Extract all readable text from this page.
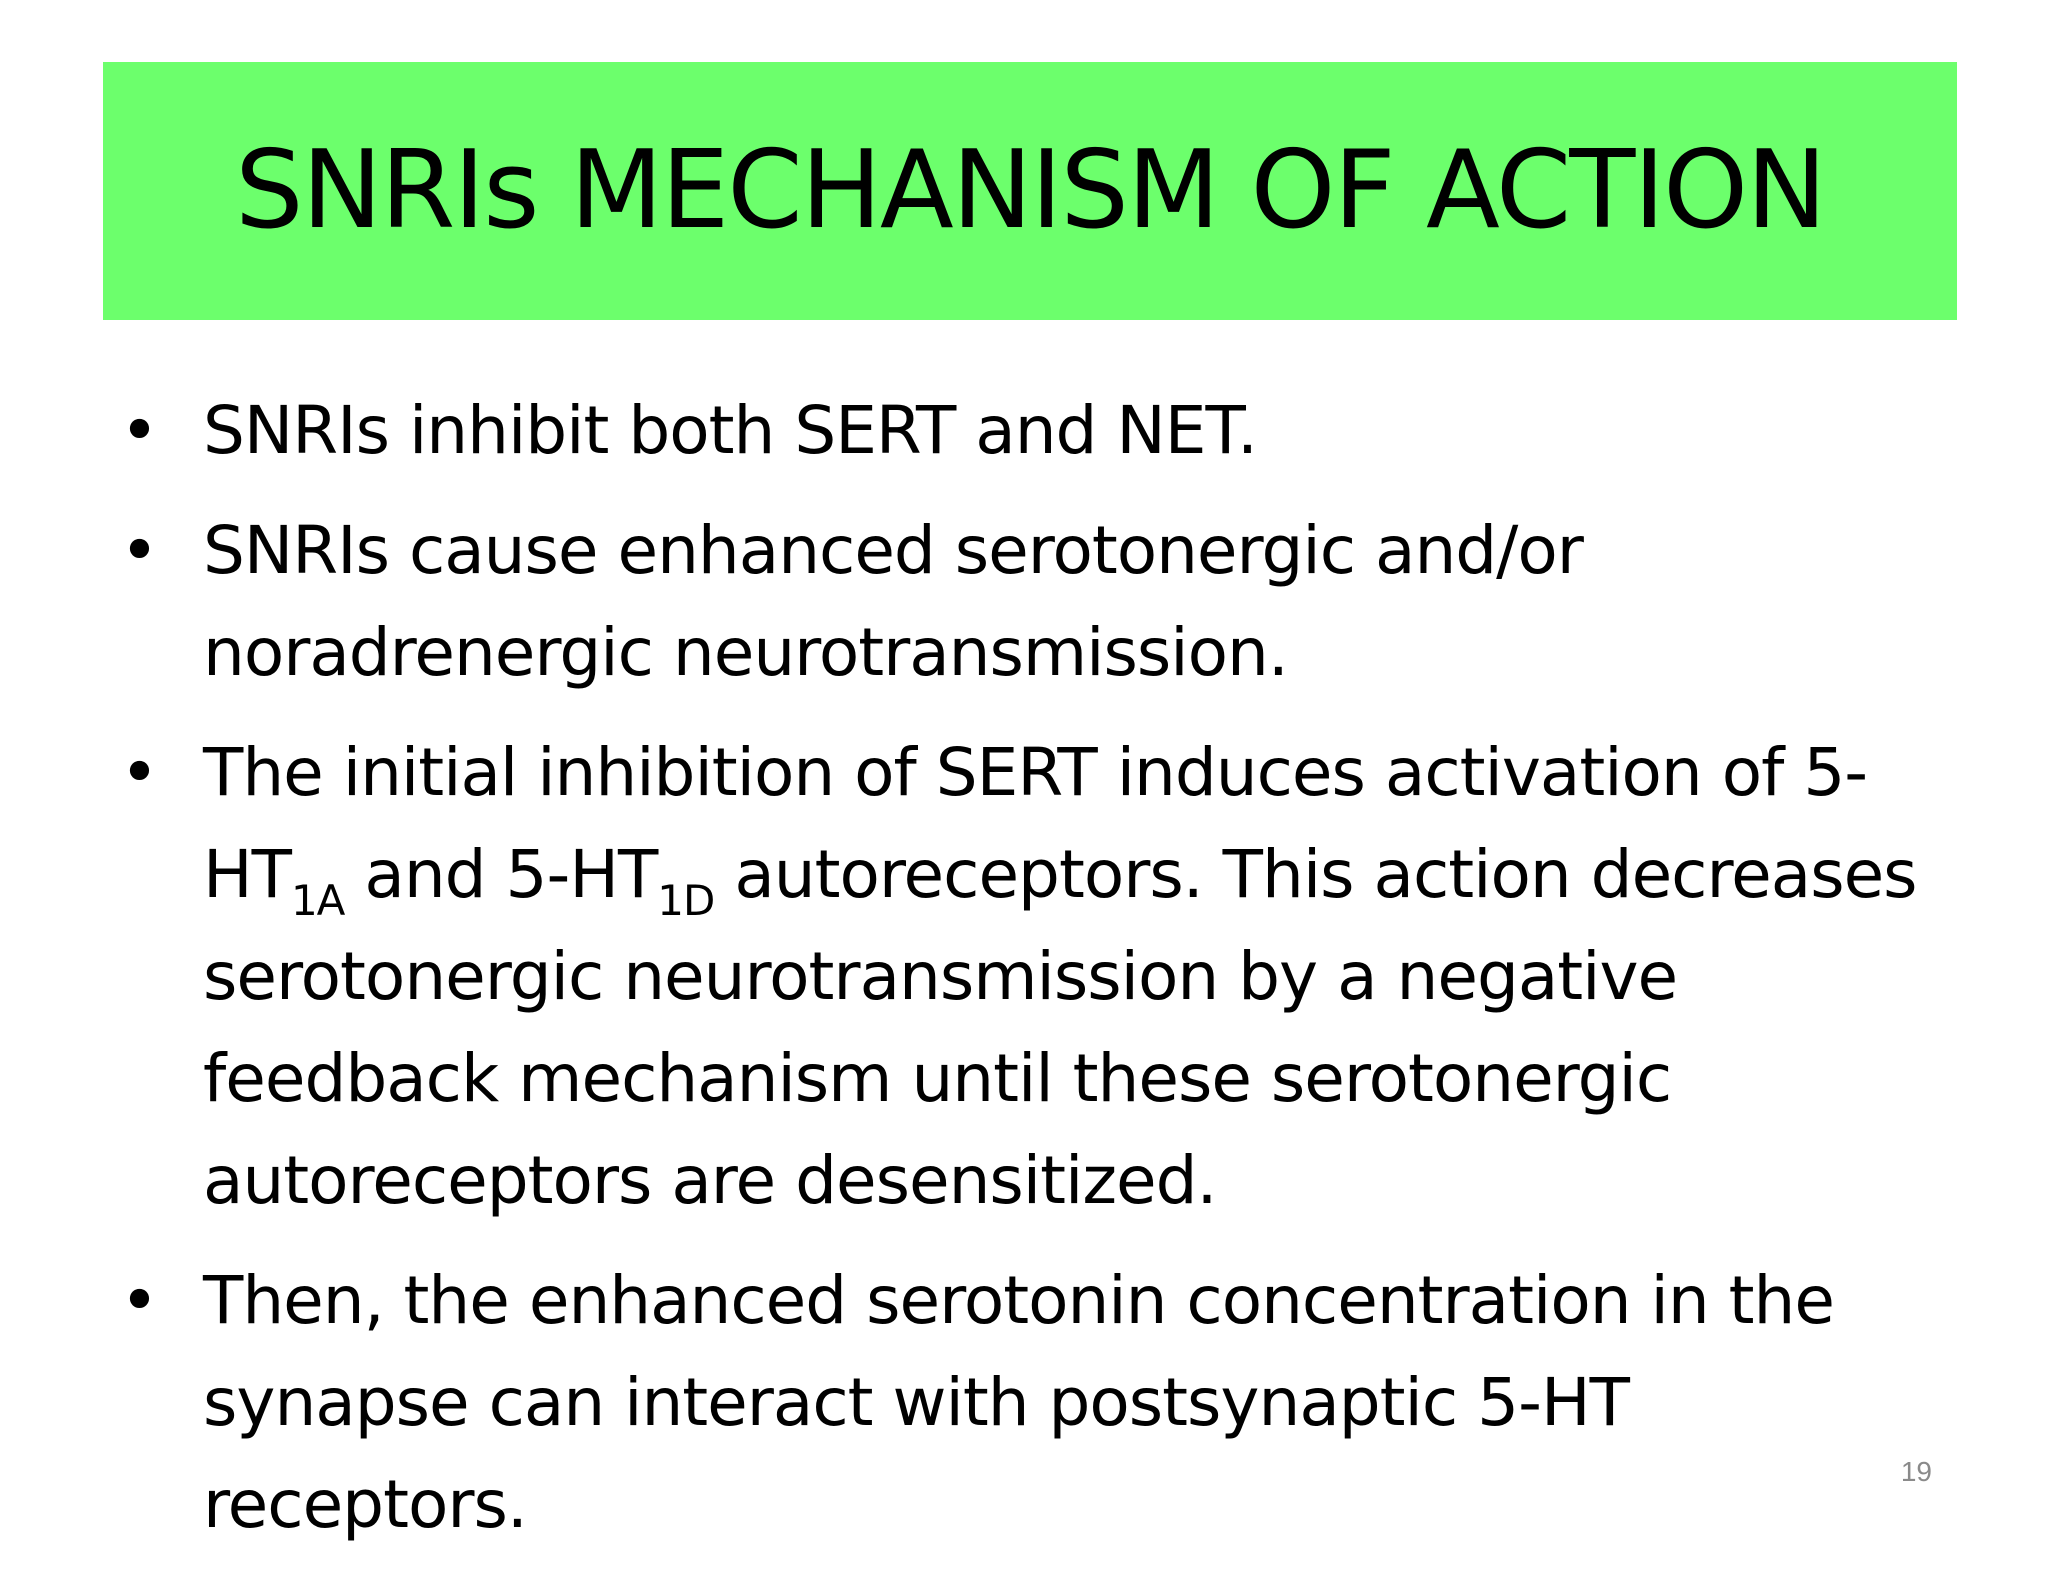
SNRIs MECHANISM OF ACTION
• SNRIs inhibit both SERT and NET.
• SNRIs cause enhanced serotonergic and/or noradrenergic neurotransmission.
• The initial inhibition of SERT induces activation of $5-HT_{1A}$ and $5-HT_{1D}$ autoreceptors. This action decreases serotonergic neurotransmission by a negative feedback mechanism until these serotonergic autoreceptors are desensitized.
• Then, the enhanced serotonin concentration in the synapse can interact with postsynaptic 5-HT receptors.	19
